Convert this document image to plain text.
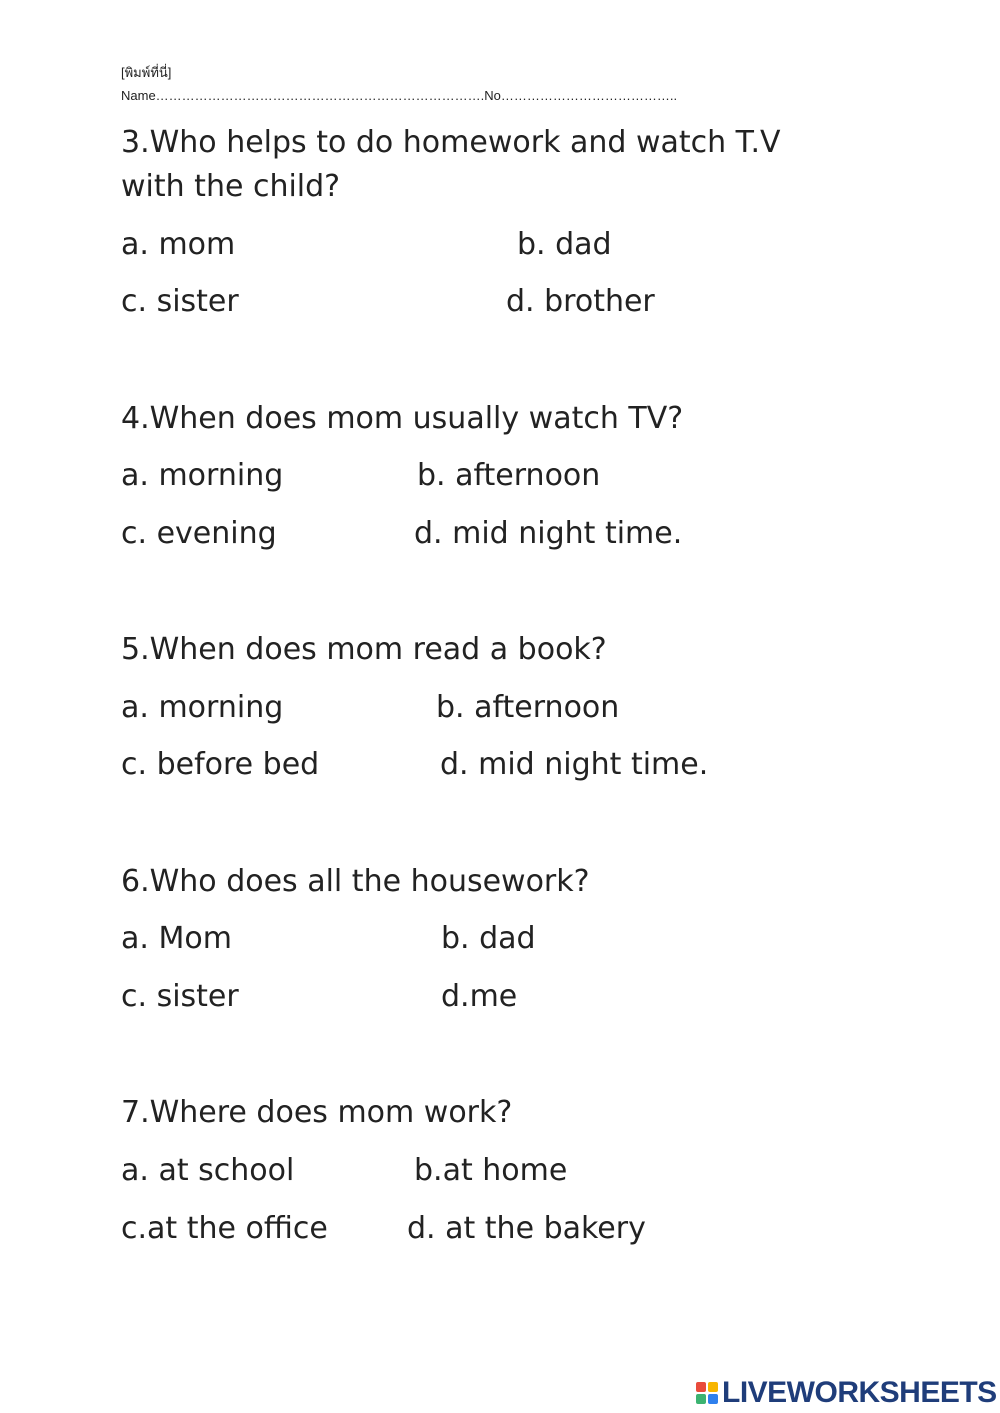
[พิมพ์ที่นี่]
Name………………………………………………………………….No…………………………………..
3.Who helps to do homework and watch T.V
with the child?
a. mom	b. dad
c. sister	d. brother
4.When does mom usually watch TV?
a. morning	b. afternoon
c. evening	d. mid night time.
5.When does mom read a book?
a. morning	b. afternoon
c. before bed	d. mid night time.
6.Who does all the housework?
a. Mom	b. dad
c. sister	d.me
7.Where does mom work?
a. at school	b.at home
c.at the office	d. at the bakery
LIVEWORKSHEETS
